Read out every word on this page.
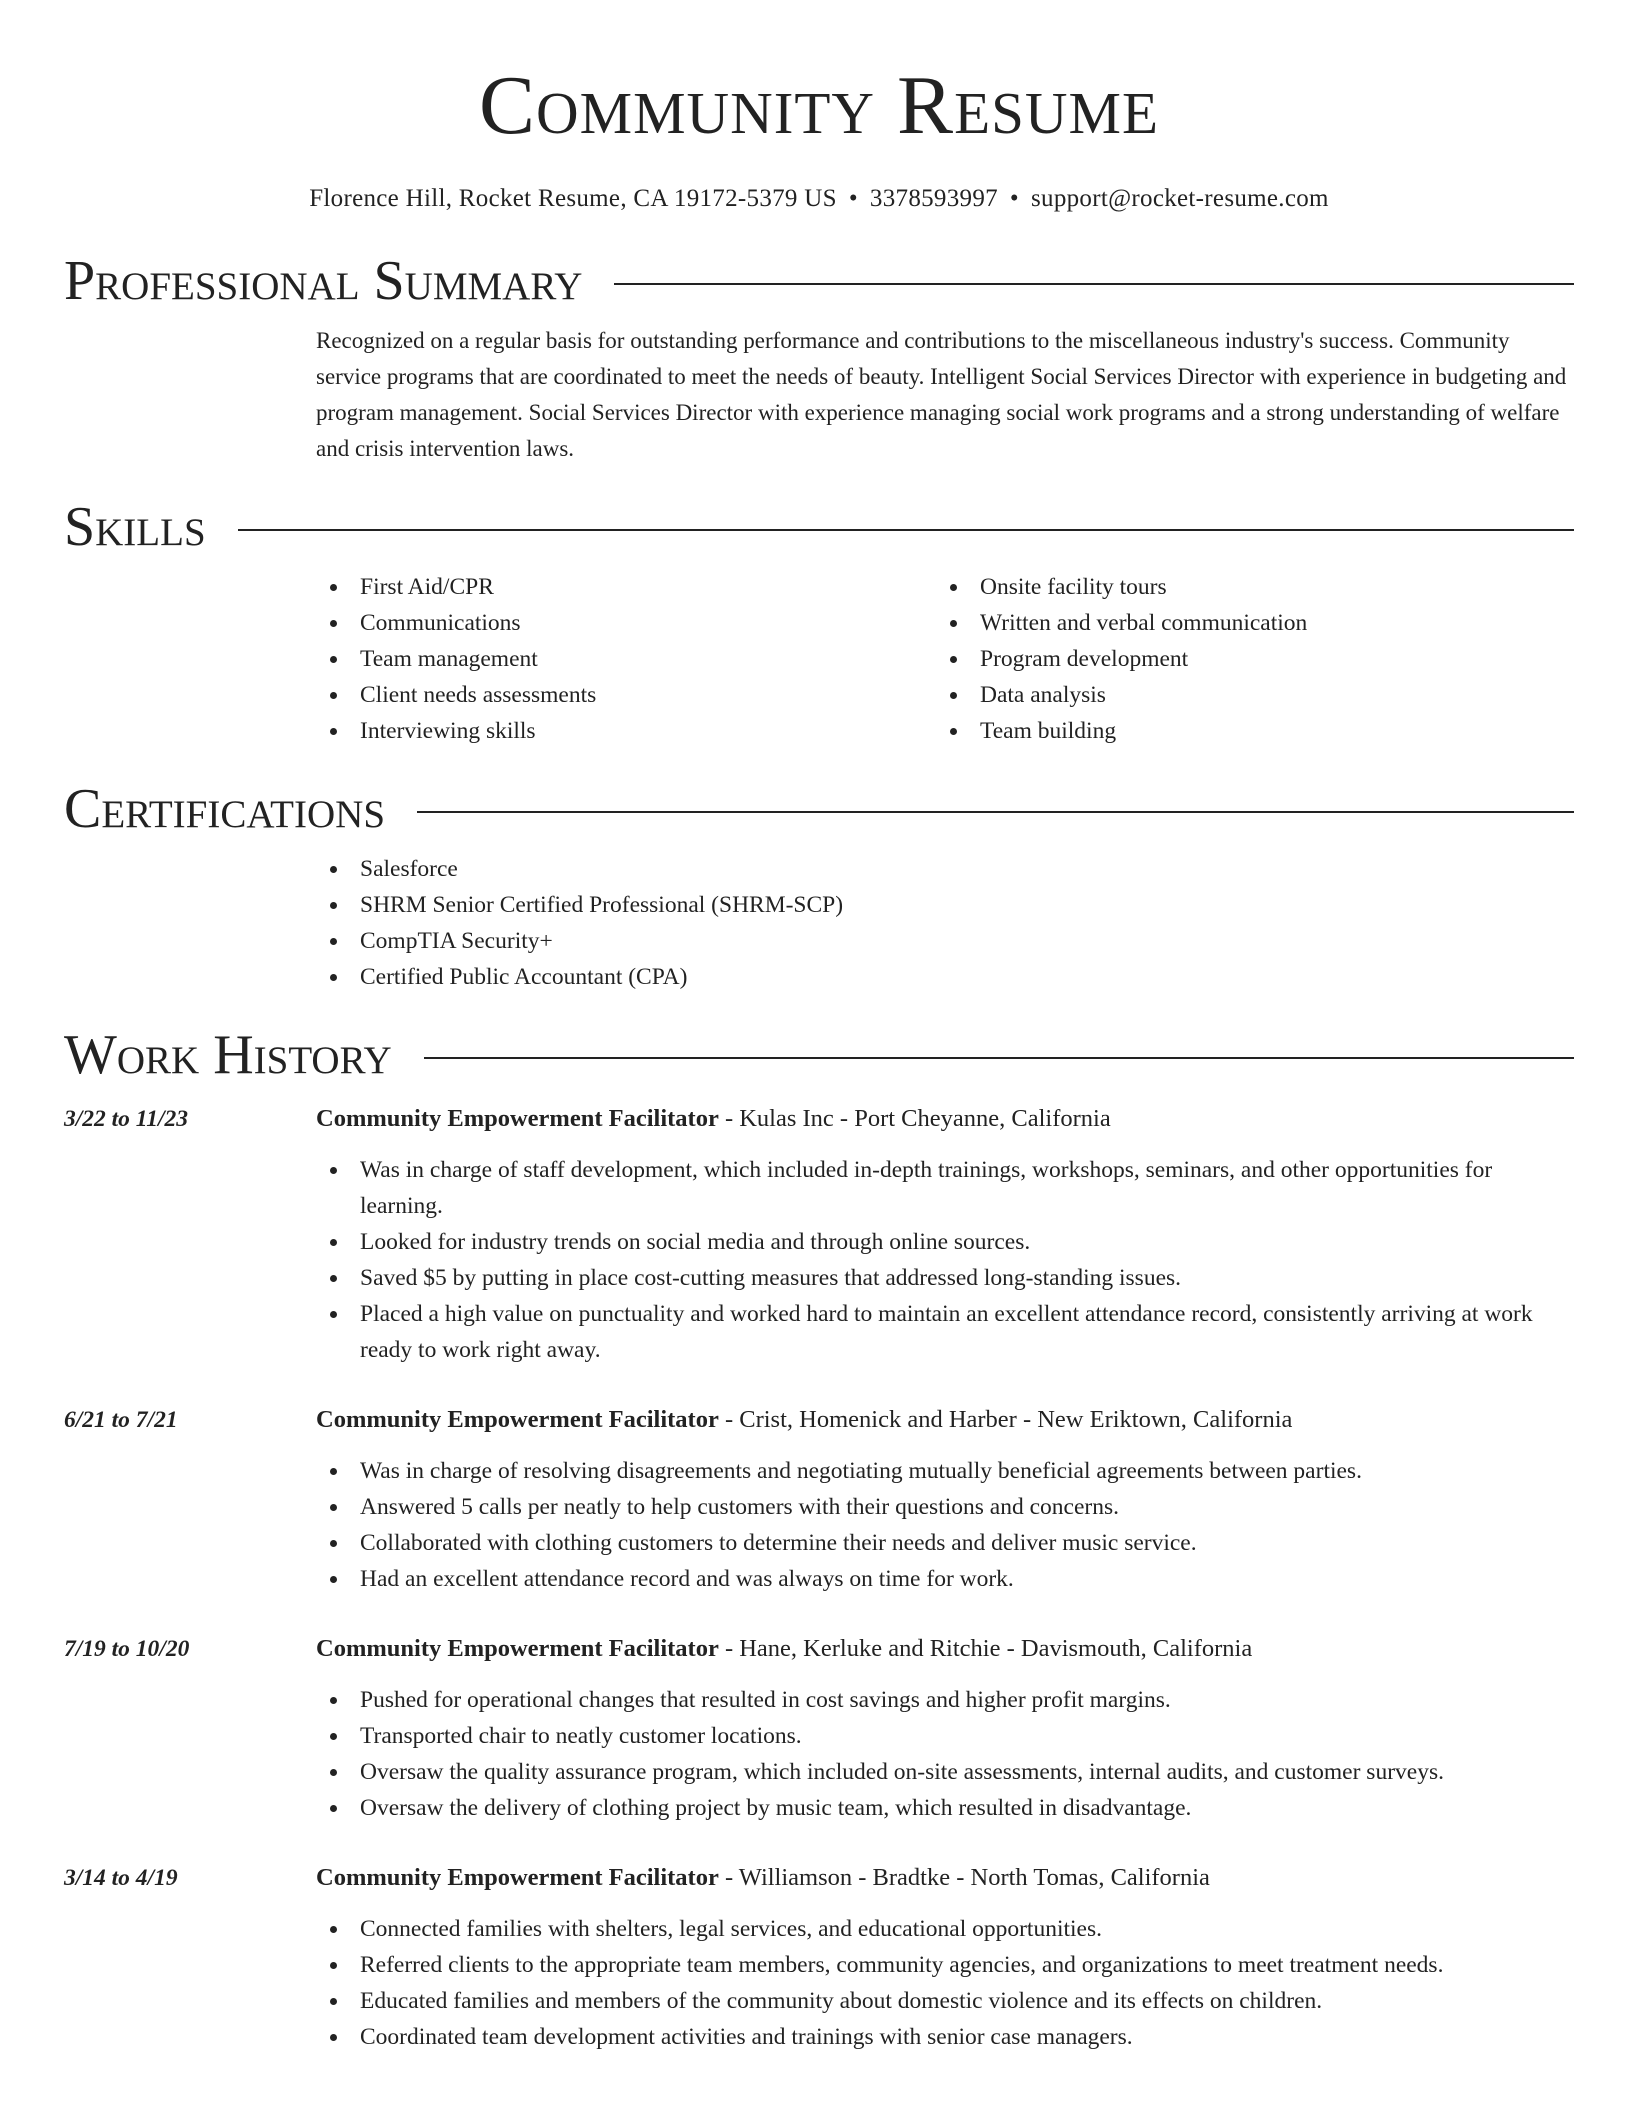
Community Resume
Florence Hill, Rocket Resume, CA 19172-5379 US • 3378593997 • support@rocket-resume.com
Professional Summary

Recognized on a regular basis for outstanding performance and contributions to the miscellaneous industry's success. Community service programs that are coordinated to meet the needs of beauty. Intelligent Social Services Director with experience in budgeting and program management. Social Services Director with experience managing social work programs and a strong understanding of welfare and crisis intervention laws.

Skills
First Aid/CPR
Communications
Team management
Client needs assessments
Interviewing skills
Onsite facility tours
Written and verbal communication
Program development
Data analysis
Team building
Certifications
Salesforce
SHRM Senior Certified Professional (SHRM-SCP)
CompTIA Security+
Certified Public Accountant (CPA)
Work History
3/22 to 11/23	Community Empowerment Facilitator - Kulas Inc - Port Cheyanne, California
Was in charge of staff development, which included in-depth trainings, workshops, seminars, and other opportunities for learning.
Looked for industry trends on social media and through online sources.
Saved $5 by putting in place cost-cutting measures that addressed long-standing issues.
Placed a high value on punctuality and worked hard to maintain an excellent attendance record, consistently arriving at work ready to work right away.
6/21 to 7/21	Community Empowerment Facilitator - Crist, Homenick and Harber - New Eriktown, California
Was in charge of resolving disagreements and negotiating mutually beneficial agreements between parties.
Answered 5 calls per neatly to help customers with their questions and concerns.
Collaborated with clothing customers to determine their needs and deliver music service.
Had an excellent attendance record and was always on time for work.
7/19 to 10/20	Community Empowerment Facilitator - Hane, Kerluke and Ritchie - Davismouth, California
Pushed for operational changes that resulted in cost savings and higher profit margins.
Transported chair to neatly customer locations.
Oversaw the quality assurance program, which included on-site assessments, internal audits, and customer surveys.
Oversaw the delivery of clothing project by music team, which resulted in disadvantage.
3/14 to 4/19	Community Empowerment Facilitator - Williamson - Bradtke - North Tomas, California
Connected families with shelters, legal services, and educational opportunities.
Referred clients to the appropriate team members, community agencies, and organizations to meet treatment needs.
Educated families and members of the community about domestic violence and its effects on children.
Coordinated team development activities and trainings with senior case managers.
